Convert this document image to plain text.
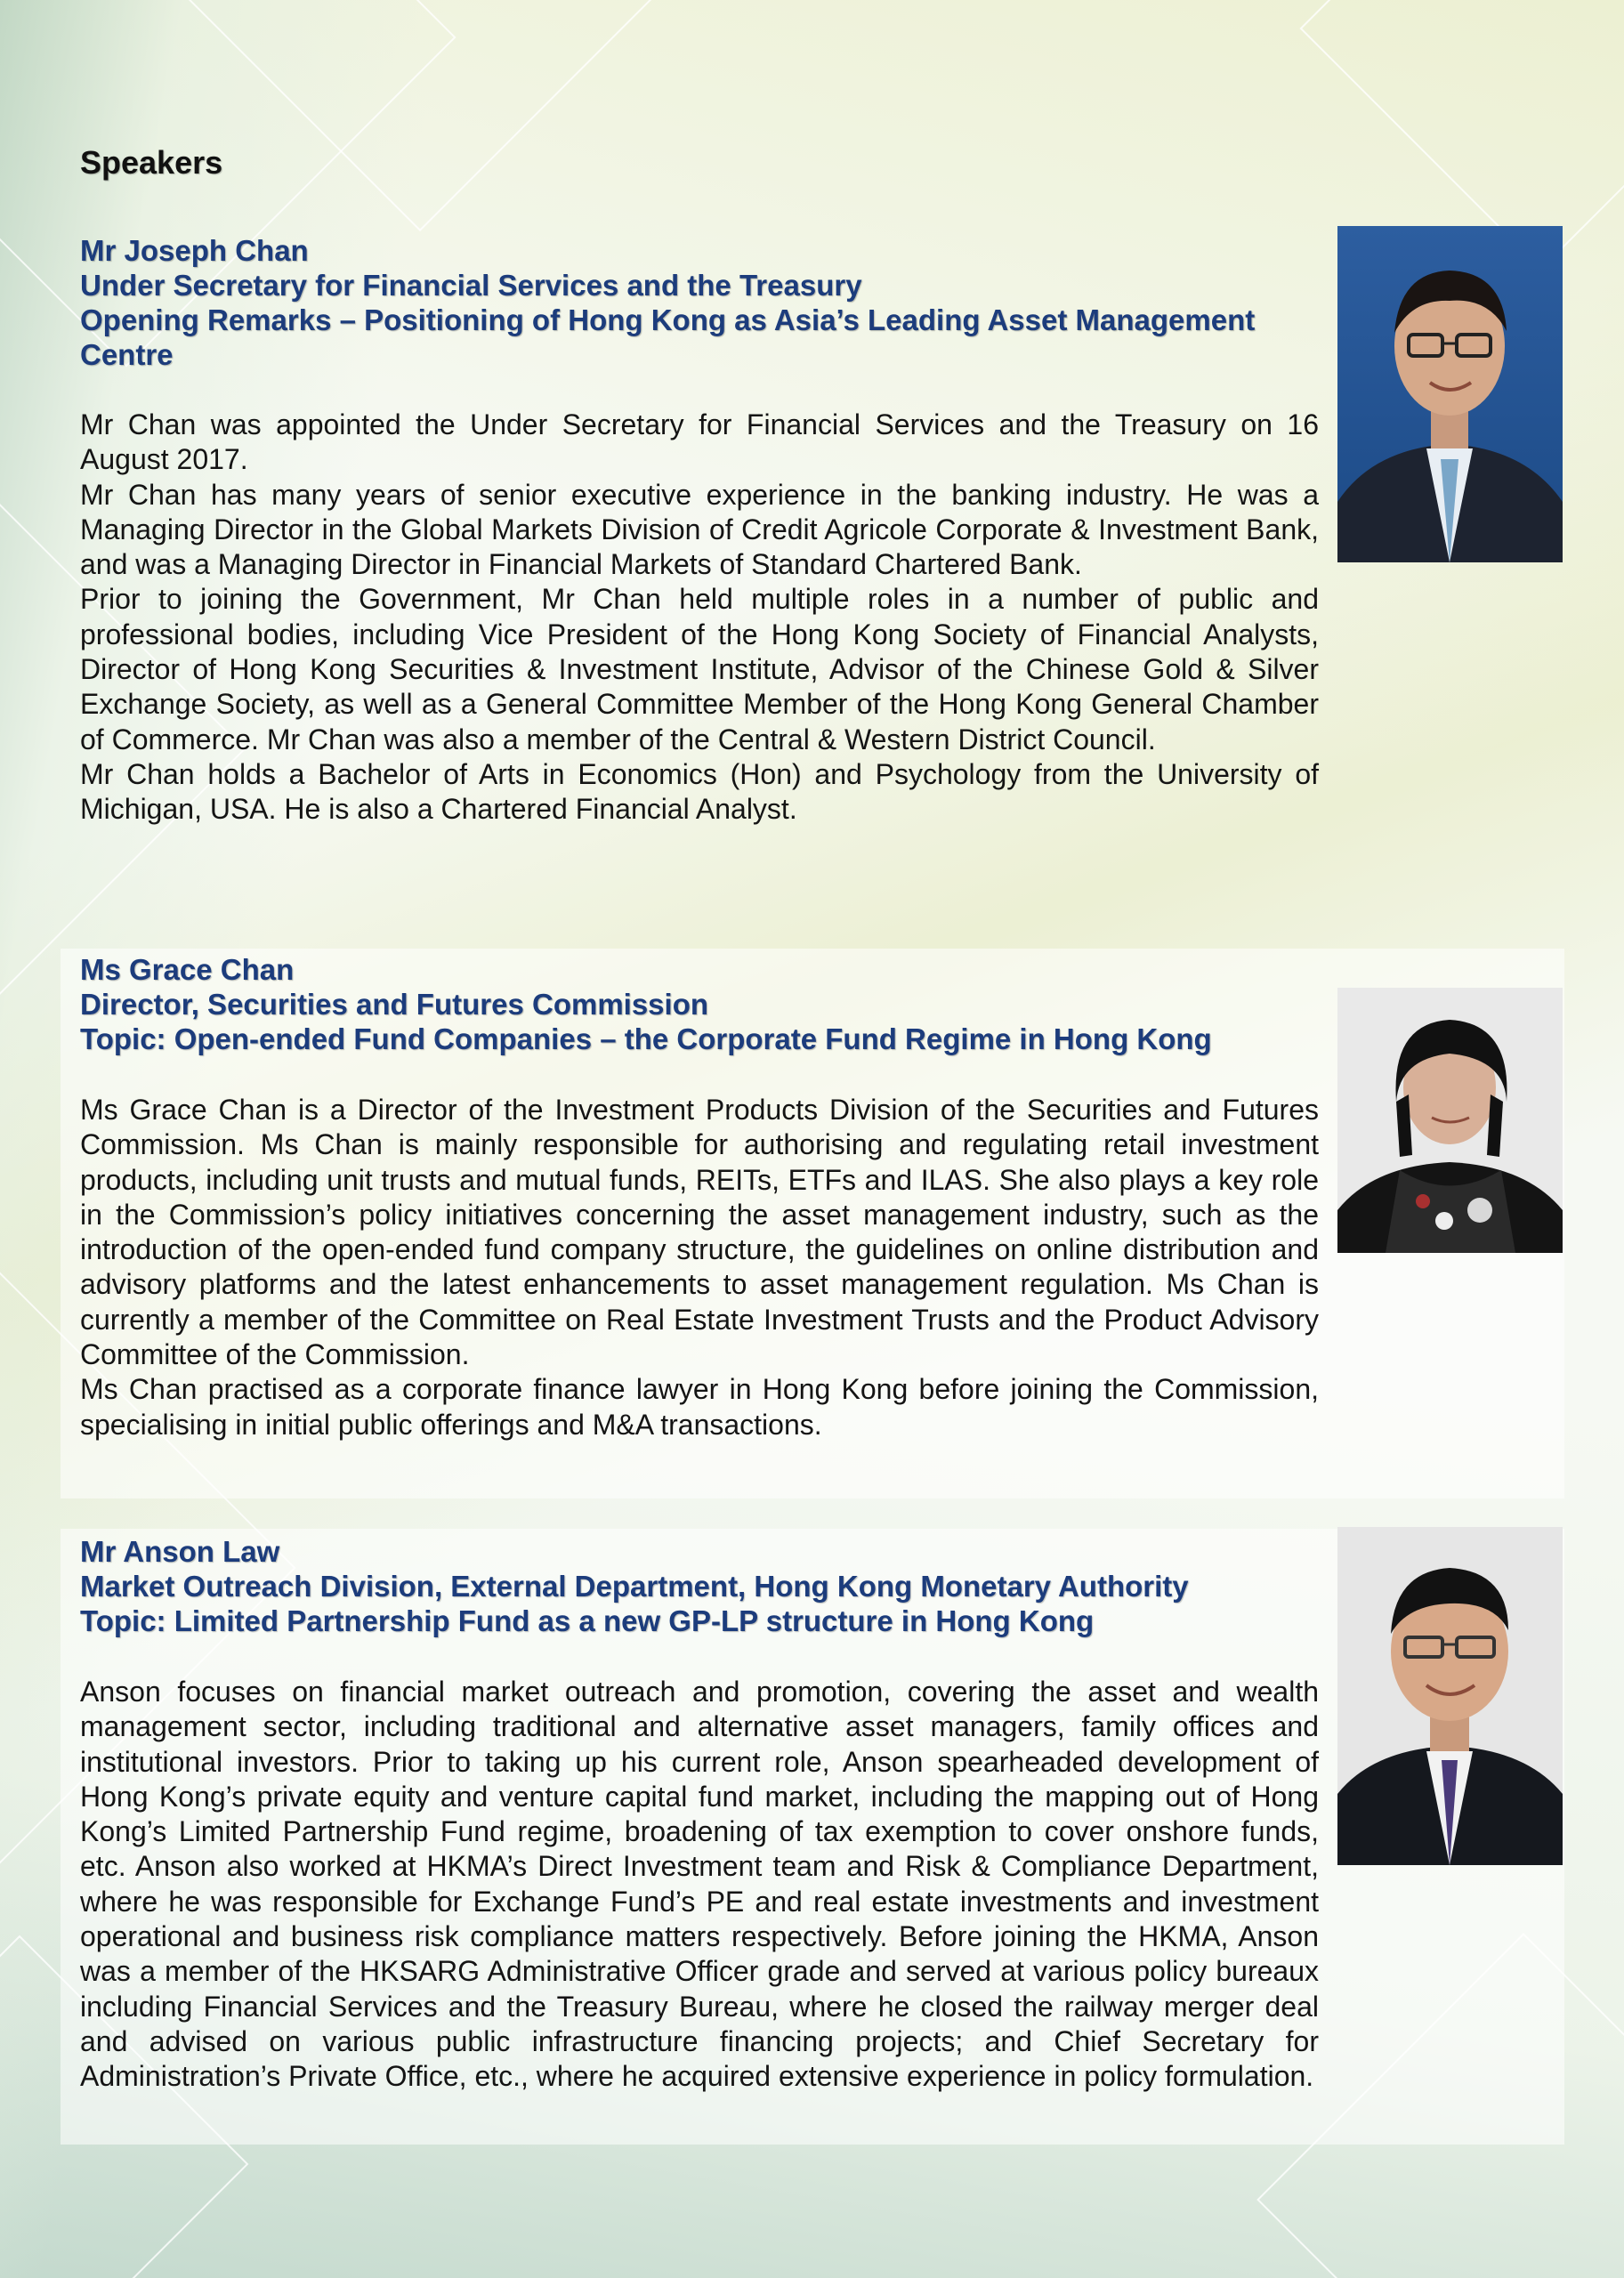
Speakers
Mr Joseph Chan
Under Secretary for Financial Services and the Treasury
Opening Remarks – Positioning of Hong Kong as Asia’s Leading Asset Management
Centre

Mr Chan was appointed the Under Secretary for Financial Services and the Treasury on 16 August 2017.

Mr Chan has many years of senior executive experience in the banking industry. He was a Managing Director in the Global Markets Division of Credit Agricole Corporate & Investment Bank, and was a Managing Director in Financial Markets of Standard Chartered Bank.

Prior to joining the Government, Mr Chan held multiple roles in a number of public and professional bodies, including Vice President of the Hong Kong Society of Financial Analysts, Director of Hong Kong Securities & Investment Institute, Advisor of the Chinese Gold & Silver Exchange Society, as well as a General Committee Member of the Hong Kong General Chamber of Commerce. Mr Chan was also a member of the Central & Western District Council.

Mr Chan holds a Bachelor of Arts in Economics (Hon) and Psychology from the University of Michigan, USA. He is also a Chartered Financial Analyst.

Ms Grace Chan
Director, Securities and Futures Commission
Topic: Open-ended Fund Companies – the Corporate Fund Regime in Hong Kong

Ms Grace Chan is a Director of the Investment Products Division of the Securities and Futures Commission. Ms Chan is mainly responsible for authorising and regulating retail investment products, including unit trusts and mutual funds, REITs, ETFs and ILAS. She also plays a key role in the Commission’s policy initiatives concerning the asset management industry, such as the introduction of the open-ended fund company structure, the guidelines on online distribution and advisory platforms and the latest enhancements to asset management regulation. Ms Chan is currently a member of the Committee on Real Estate Investment Trusts and the Product Advisory Committee of the Commission.

Ms Chan practised as a corporate finance lawyer in Hong Kong before joining the Commission, specialising in initial public offerings and M&A transactions.

Mr Anson Law
Market Outreach Division, External Department, Hong Kong Monetary Authority
Topic: Limited Partnership Fund as a new GP-LP structure in Hong Kong

Anson focuses on financial market outreach and promotion, covering the asset and wealth management sector, including traditional and alternative asset managers, family offices and institutional investors. Prior to taking up his current role, Anson spearheaded development of Hong Kong’s private equity and venture capital fund market, including the mapping out of Hong Kong’s Limited Partnership Fund regime, broadening of tax exemption to cover onshore funds, etc. Anson also worked at HKMA’s Direct Investment team and Risk & Compliance Department, where he was responsible for Exchange Fund’s PE and real estate investments and investment operational and business risk compliance matters respectively. Before joining the HKMA, Anson was a member of the HKSARG Administrative Officer grade and served at various policy bureaux including Financial Services and the Treasury Bureau, where he closed the railway merger deal and advised on various public infrastructure financing projects; and Chief Secretary for Administration’s Private Office, etc., where he acquired extensive experience in policy formulation.
